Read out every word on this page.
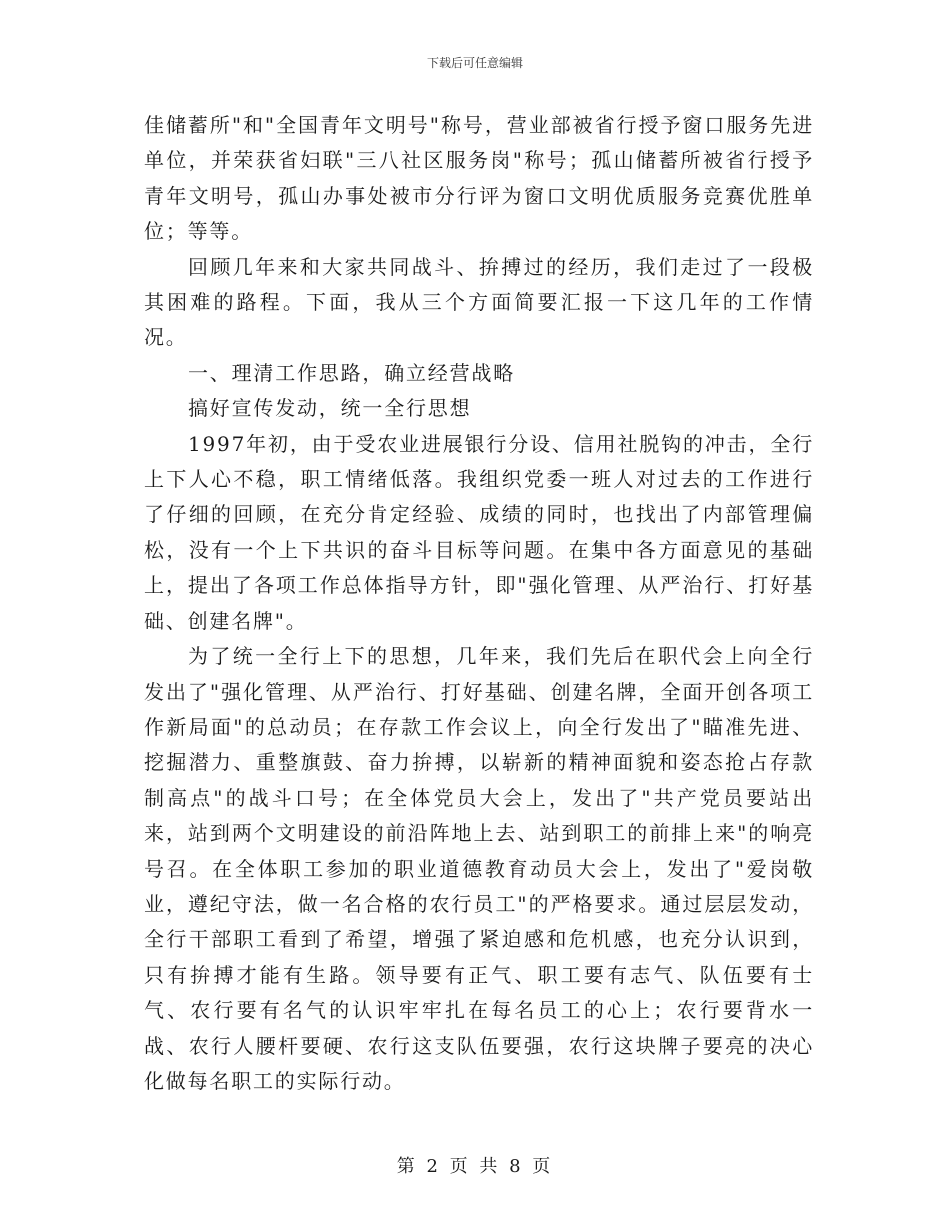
下载后可任意编辑

佳储蓄所"和"全国青年文明号"称号，营业部被省行授予窗口服务先进单位，并荣获省妇联"三八社区服务岗"称号；孤山储蓄所被省行授予青年文明号，孤山办事处被市分行评为窗口文明优质服务竞赛优胜单位；等等。

回顾几年来和大家共同战斗、拚搏过的经历，我们走过了一段极其困难的路程。下面，我从三个方面简要汇报一下这几年的工作情况。

一、理清工作思路，确立经营战略

搞好宣传发动，统一全行思想

1997年初，由于受农业进展银行分设、信用社脱钩的冲击，全行上下人心不稳，职工情绪低落。我组织党委一班人对过去的工作进行了仔细的回顾，在充分肯定经验、成绩的同时，也找出了内部管理偏松，没有一个上下共识的奋斗目标等问题。在集中各方面意见的基础上，提出了各项工作总体指导方针，即"强化管理、从严治行、打好基础、创建名牌"。

为了统一全行上下的思想，几年来，我们先后在职代会上向全行发出了"强化管理、从严治行、打好基础、创建名牌，全面开创各项工作新局面"的总动员；在存款工作会议上，向全行发出了"瞄准先进、挖掘潜力、重整旗鼓、奋力拚搏，以崭新的精神面貌和姿态抢占存款制高点"的战斗口号；在全体党员大会上，发出了"共产党员要站出来，站到两个文明建设的前沿阵地上去、站到职工的前排上来"的响亮号召。在全体职工参加的职业道德教育动员大会上，发出了"爱岗敬业，遵纪守法，做一名合格的农行员工"的严格要求。通过层层发动，全行干部职工看到了希望，增强了紧迫感和危机感，也充分认识到，只有拚搏才能有生路。领导要有正气、职工要有志气、队伍要有士气、农行要有名气的认识牢牢扎在每名员工的心上；农行要背水一战、农行人腰杆要硬、农行这支队伍要强，农行这块牌子要亮的决心化做每名职工的实际行动。

第 2 页 共 8 页
